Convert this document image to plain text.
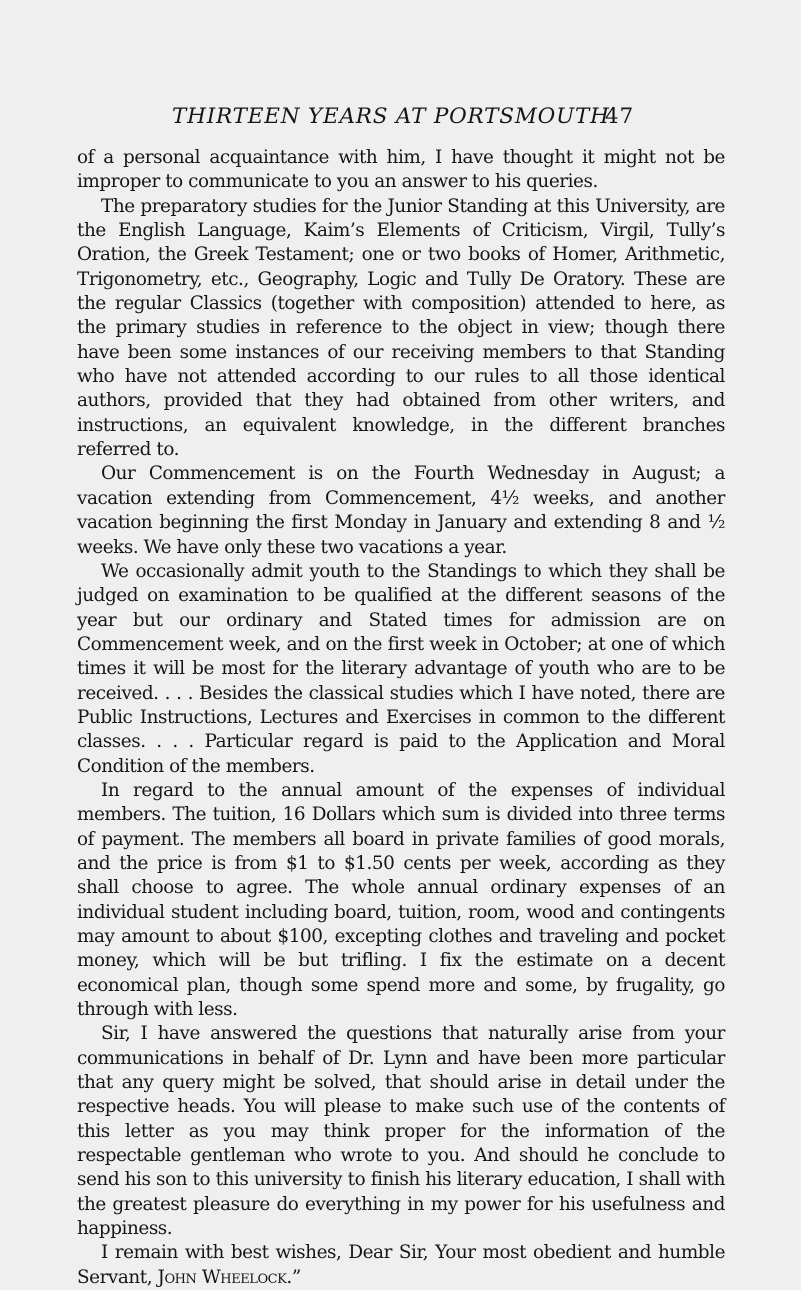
THIRTEEN YEARS AT PORTSMOUTH
47

of a personal acquaintance with him, I have thought it might not be improper to communicate to you an answer to his queries.

The preparatory studies for the Junior Standing at this University, are the English Language, Kaim’s Elements of Criticism, Virgil, Tully’s Oration, the Greek Testament; one or two books of Homer, Arithmetic, Trigonometry, etc., Geography, Logic and Tully De Oratory. These are the regular Classics (together with composition) attended to here, as the primary studies in reference to the object in view; though there have been some instances of our receiving members to that Standing who have not attended according to our rules to all those identical authors, provided that they had obtained from other writers, and instructions, an equivalent knowledge, in the different branches referred to.

Our Commencement is on the Fourth Wednesday in August; a vacation extending from Commencement, 4½ weeks, and another vacation beginning the first Monday in January and extending 8 and ½ weeks. We have only these two vacations a year.

We occasionally admit youth to the Standings to which they shall be judged on examination to be qualified at the different seasons of the year but our ordinary and Stated times for admission are on Commencement week, and on the first week in October; at one of which times it will be most for the literary advantage of youth who are to be received. . . . Besides the classical studies which I have noted, there are Public Instructions, Lectures and Exercises in common to the different classes. . . . Particular regard is paid to the Application and Moral Condition of the members.

In regard to the annual amount of the expenses of individual members. The tuition, 16 Dollars which sum is divided into three terms of payment. The members all board in private families of good morals, and the price is from $1 to $1.50 cents per week, according as they shall choose to agree. The whole annual ordinary expenses of an individual student including board, tuition, room, wood and contingents may amount to about $100, excepting clothes and traveling and pocket money, which will be but trifling. I fix the estimate on a decent economical plan, though some spend more and some, by frugality, go through with less.

Sir, I have answered the questions that naturally arise from your communications in behalf of Dr. Lynn and have been more particular that any query might be solved, that should arise in detail under the respective heads. You will please to make such use of the contents of this letter as you may think proper for the information of the respectable gentleman who wrote to you. And should he conclude to send his son to this university to finish his literary education, I shall with the greatest pleasure do everything in my power for his usefulness and happiness.

I remain with best wishes, Dear Sir, Your most obedient and humble Servant, John Wheelock.”
